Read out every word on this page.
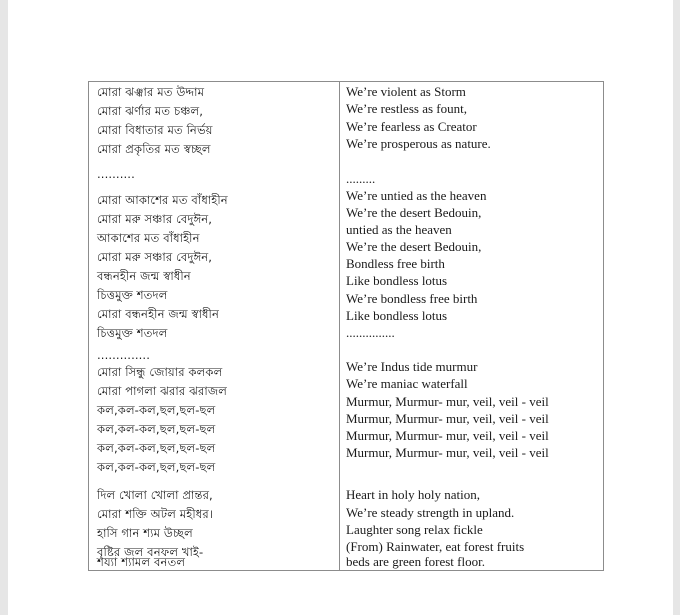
মোরা ঝঞ্ঝার মত উদ্দাম
মোরা ঝর্ণার মত চঞ্চল,
মোরা বিধাতার মত নির্ভয়
মোরা প্রকৃতির মত স্বচ্ছল
..........
মোরা আকাশের মত বাঁধাহীন
মোরা মরু সঞ্চার বেদুঈন,
আকাশের মত বাঁধাহীন
মোরা মরু সঞ্চার বেদুঈন,
বন্ধনহীন জন্ম স্বাধীন
চিত্তমুক্ত শতদল
মোরা বন্ধনহীন জন্ম স্বাধীন
চিত্তমুক্ত শতদল
..............
মোরা সিন্ধু জোয়ার কলকল
মোরা পাগলা ঝরার ঝরাজল
কল,কল-কল,ছল,ছল-ছল
কল,কল-কল,ছল,ছল-ছল
কল,কল-কল,ছল,ছল-ছল
কল,কল-কল,ছল,ছল-ছল
দিল খোলা খোলা প্রান্তর,
মোরা শক্তি অটল মহীধর।
হাসি গান শ্যম উচ্ছল
বৃষ্টির জল বনফল খাই-
শয্যা শ্যামল বনতল
We’re violent as Storm
We’re restless as fount,
We’re fearless as Creator
We’re prosperous as nature.
.........
We’re untied as the heaven
We’re the desert Bedouin,
untied as the heaven
We’re the desert Bedouin,
Bondless free birth
Like bondless lotus
We’re bondless free birth
Like bondless lotus
...............
We’re Indus tide murmur
We’re maniac waterfall
Murmur, Murmur- mur, veil, veil - veil
Murmur, Murmur- mur, veil, veil - veil
Murmur, Murmur- mur, veil, veil - veil
Murmur, Murmur- mur, veil, veil - veil
Heart in holy holy nation,
We’re steady strength in upland.
Laughter song relax fickle
(From) Rainwater, eat forest fruits
beds are green forest floor.
